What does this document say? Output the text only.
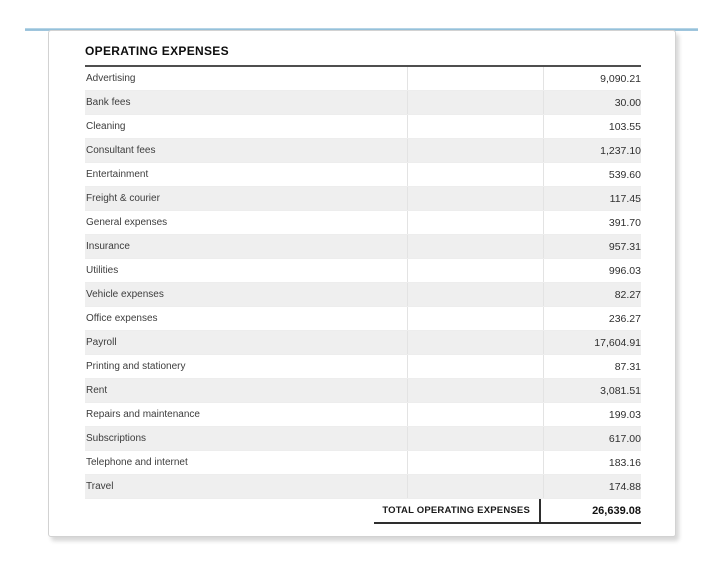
OPERATING EXPENSES
Advertising	9,090.21
Bank fees	30.00
Cleaning	103.55
Consultant fees	1,237.10
Entertainment	539.60
Freight & courier	117.45
General expenses	391.70
Insurance	957.31
Utilities	996.03
Vehicle expenses	82.27
Office expenses	236.27
Payroll	17,604.91
Printing and stationery	87.31
Rent	3,081.51
Repairs and maintenance	199.03
Subscriptions	617.00
Telephone and internet	183.16
Travel	174.88
TOTAL OPERATING EXPENSES	26,639.08
